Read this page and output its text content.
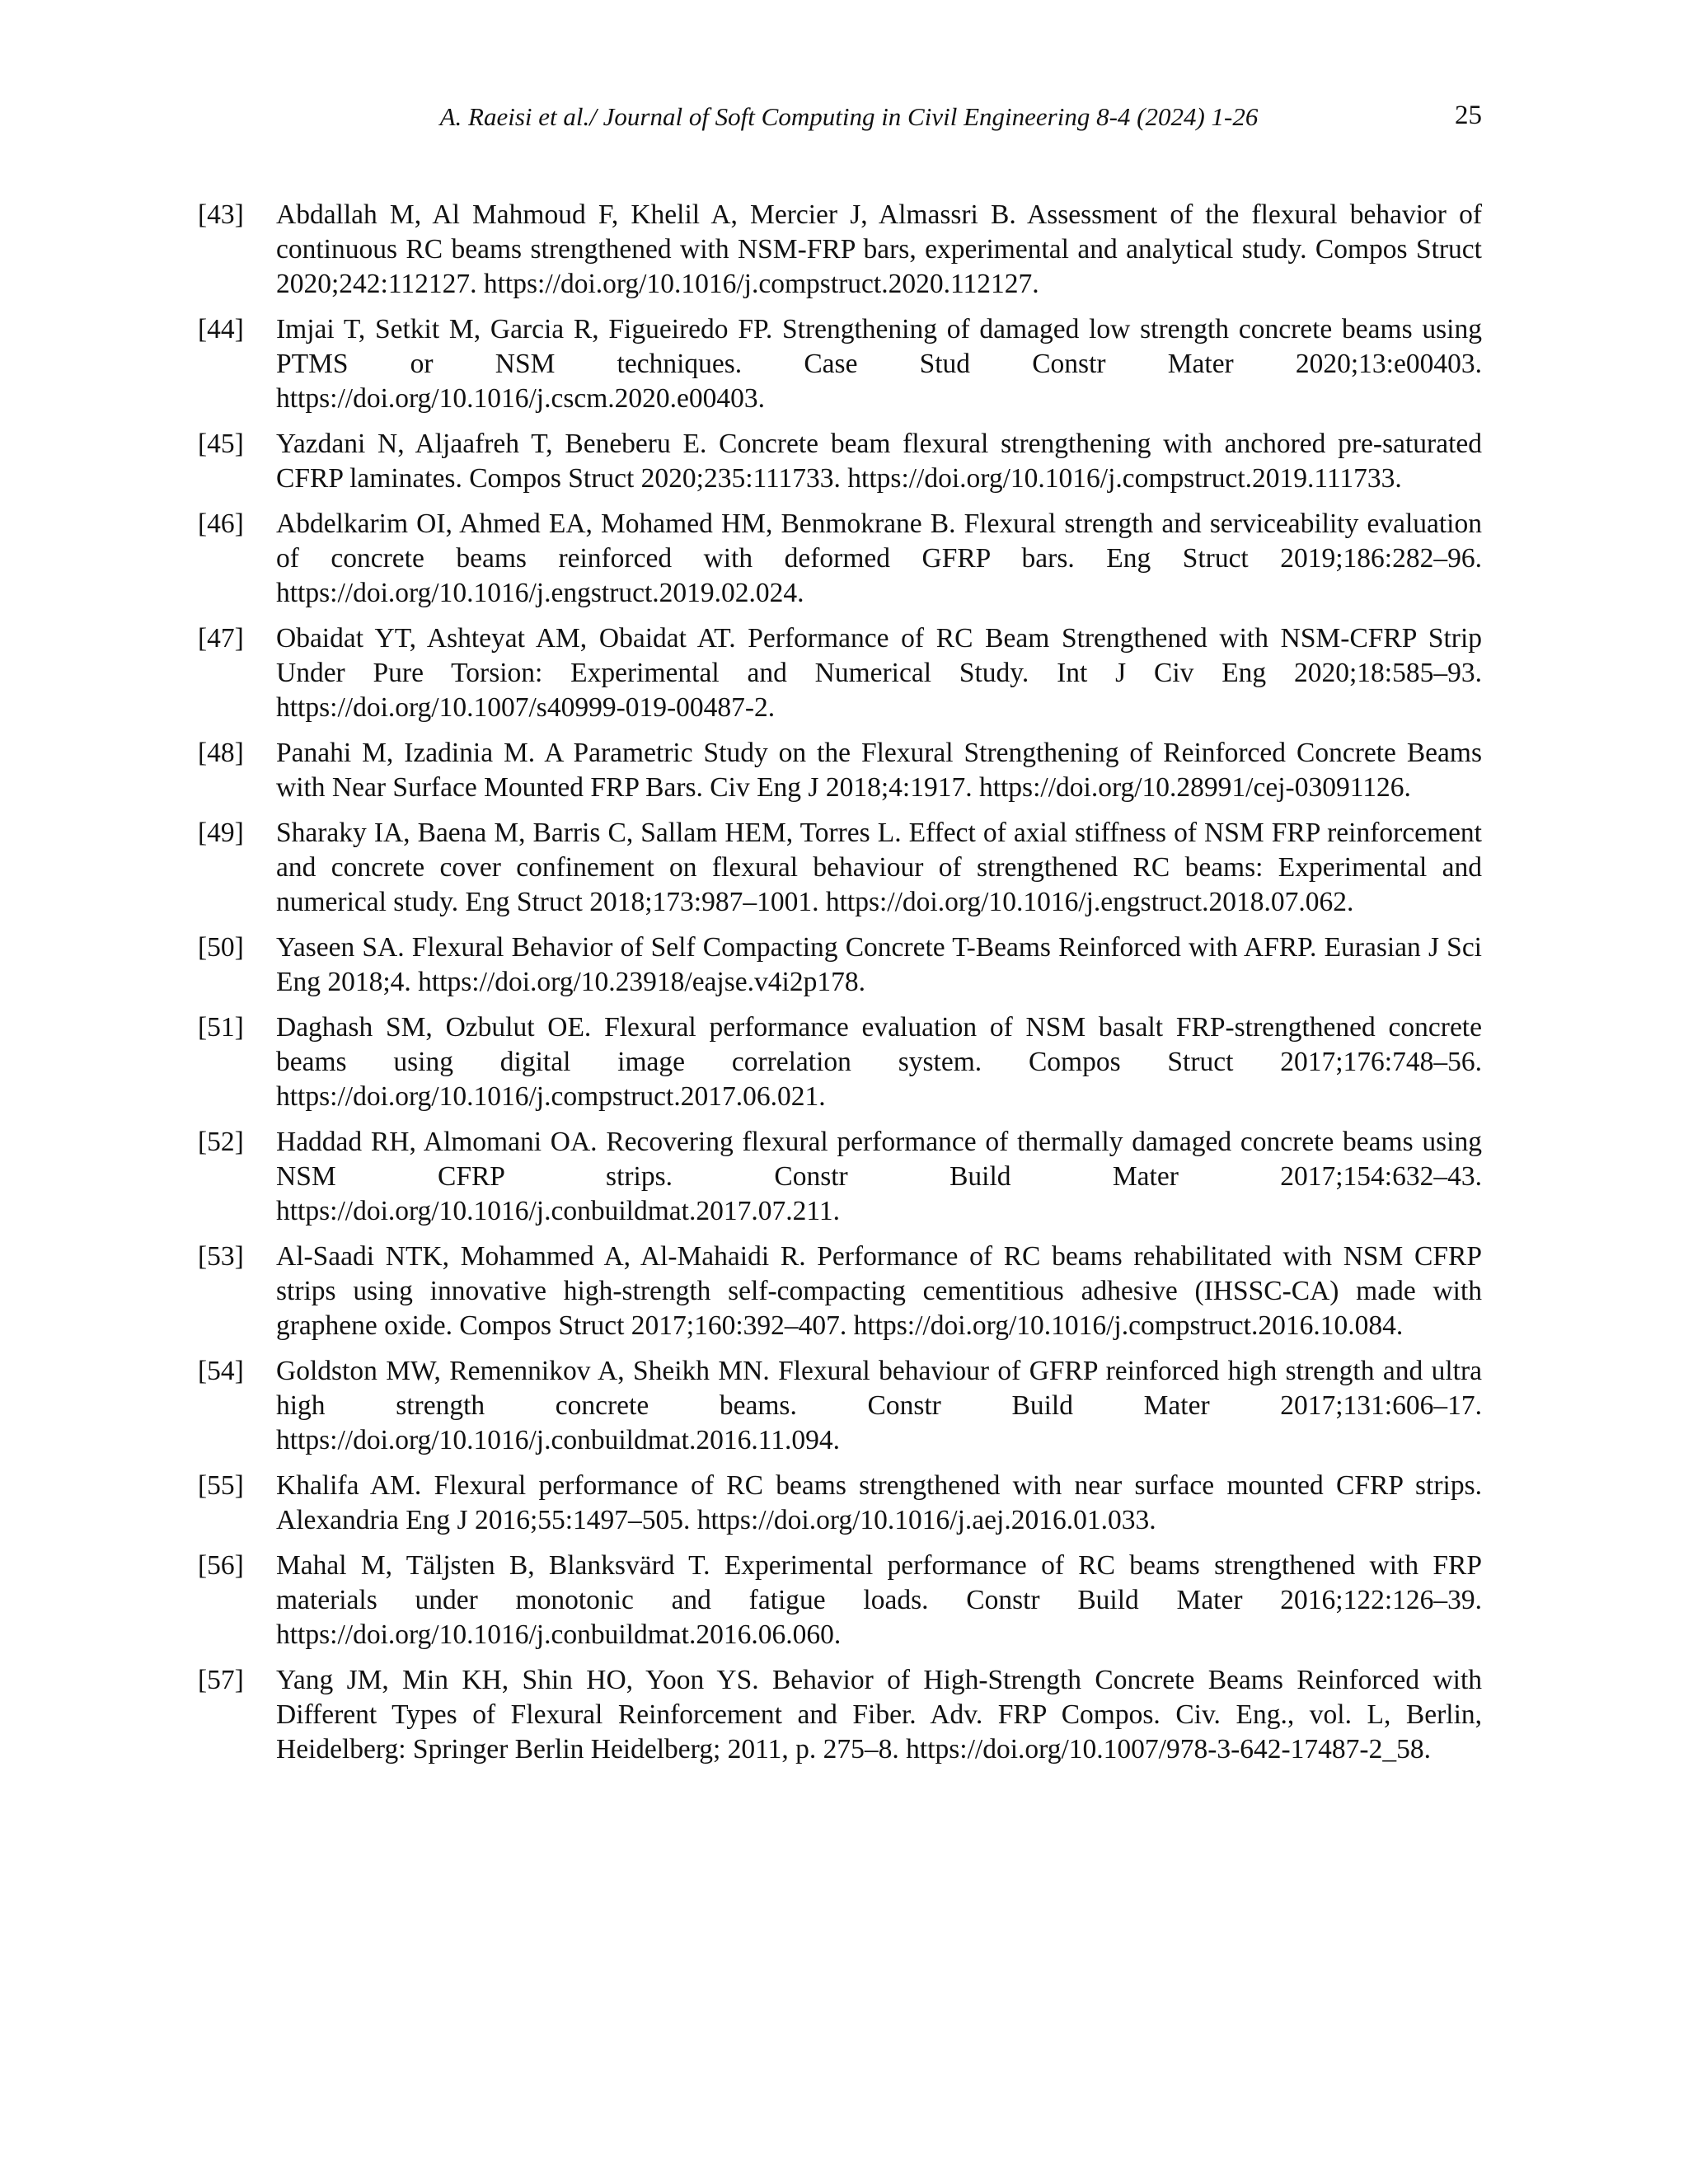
A. Raeisi et al./ Journal of Soft Computing in Civil Engineering 8-4 (2024) 1-26	25
[43] Abdallah M, Al Mahmoud F, Khelil A, Mercier J, Almassri B. Assessment of the flexural behavior of continuous RC beams strengthened with NSM-FRP bars, experimental and analytical study. Compos Struct 2020;242:112127. https://doi.org/10.1016/j.compstruct.2020.112127.
[44] Imjai T, Setkit M, Garcia R, Figueiredo FP. Strengthening of damaged low strength concrete beams using PTMS or NSM techniques. Case Stud Constr Mater 2020;13:e00403. https://doi.org/10.1016/j.cscm.2020.e00403.
[45] Yazdani N, Aljaafreh T, Beneberu E. Concrete beam flexural strengthening with anchored pre-saturated CFRP laminates. Compos Struct 2020;235:111733. https://doi.org/10.1016/j.compstruct.2019.111733.
[46] Abdelkarim OI, Ahmed EA, Mohamed HM, Benmokrane B. Flexural strength and serviceability evaluation of concrete beams reinforced with deformed GFRP bars. Eng Struct 2019;186:282–96. https://doi.org/10.1016/j.engstruct.2019.02.024.
[47] Obaidat YT, Ashteyat AM, Obaidat AT. Performance of RC Beam Strengthened with NSM-CFRP Strip Under Pure Torsion: Experimental and Numerical Study. Int J Civ Eng 2020;18:585–93. https://doi.org/10.1007/s40999-019-00487-2.
[48] Panahi M, Izadinia M. A Parametric Study on the Flexural Strengthening of Reinforced Concrete Beams with Near Surface Mounted FRP Bars. Civ Eng J 2018;4:1917. https://doi.org/10.28991/cej-03091126.
[49] Sharaky IA, Baena M, Barris C, Sallam HEM, Torres L. Effect of axial stiffness of NSM FRP reinforcement and concrete cover confinement on flexural behaviour of strengthened RC beams: Experimental and numerical study. Eng Struct 2018;173:987–1001. https://doi.org/10.1016/j.engstruct.2018.07.062.
[50] Yaseen SA. Flexural Behavior of Self Compacting Concrete T-Beams Reinforced with AFRP. Eurasian J Sci Eng 2018;4. https://doi.org/10.23918/eajse.v4i2p178.
[51] Daghash SM, Ozbulut OE. Flexural performance evaluation of NSM basalt FRP-strengthened concrete beams using digital image correlation system. Compos Struct 2017;176:748–56. https://doi.org/10.1016/j.compstruct.2017.06.021.
[52] Haddad RH, Almomani OA. Recovering flexural performance of thermally damaged concrete beams using NSM CFRP strips. Constr Build Mater 2017;154:632–43. https://doi.org/10.1016/j.conbuildmat.2017.07.211.
[53] Al-Saadi NTK, Mohammed A, Al-Mahaidi R. Performance of RC beams rehabilitated with NSM CFRP strips using innovative high-strength self-compacting cementitious adhesive (IHSSC-CA) made with graphene oxide. Compos Struct 2017;160:392–407. https://doi.org/10.1016/j.compstruct.2016.10.084.
[54] Goldston MW, Remennikov A, Sheikh MN. Flexural behaviour of GFRP reinforced high strength and ultra high strength concrete beams. Constr Build Mater 2017;131:606–17. https://doi.org/10.1016/j.conbuildmat.2016.11.094.
[55] Khalifa AM. Flexural performance of RC beams strengthened with near surface mounted CFRP strips. Alexandria Eng J 2016;55:1497–505. https://doi.org/10.1016/j.aej.2016.01.033.
[56] Mahal M, Täljsten B, Blanksvärd T. Experimental performance of RC beams strengthened with FRP materials under monotonic and fatigue loads. Constr Build Mater 2016;122:126–39. https://doi.org/10.1016/j.conbuildmat.2016.06.060.
[57] Yang JM, Min KH, Shin HO, Yoon YS. Behavior of High-Strength Concrete Beams Reinforced with Different Types of Flexural Reinforcement and Fiber. Adv. FRP Compos. Civ. Eng., vol. L, Berlin, Heidelberg: Springer Berlin Heidelberg; 2011, p. 275–8. https://doi.org/10.1007/978-3-642-17487-2_58.
